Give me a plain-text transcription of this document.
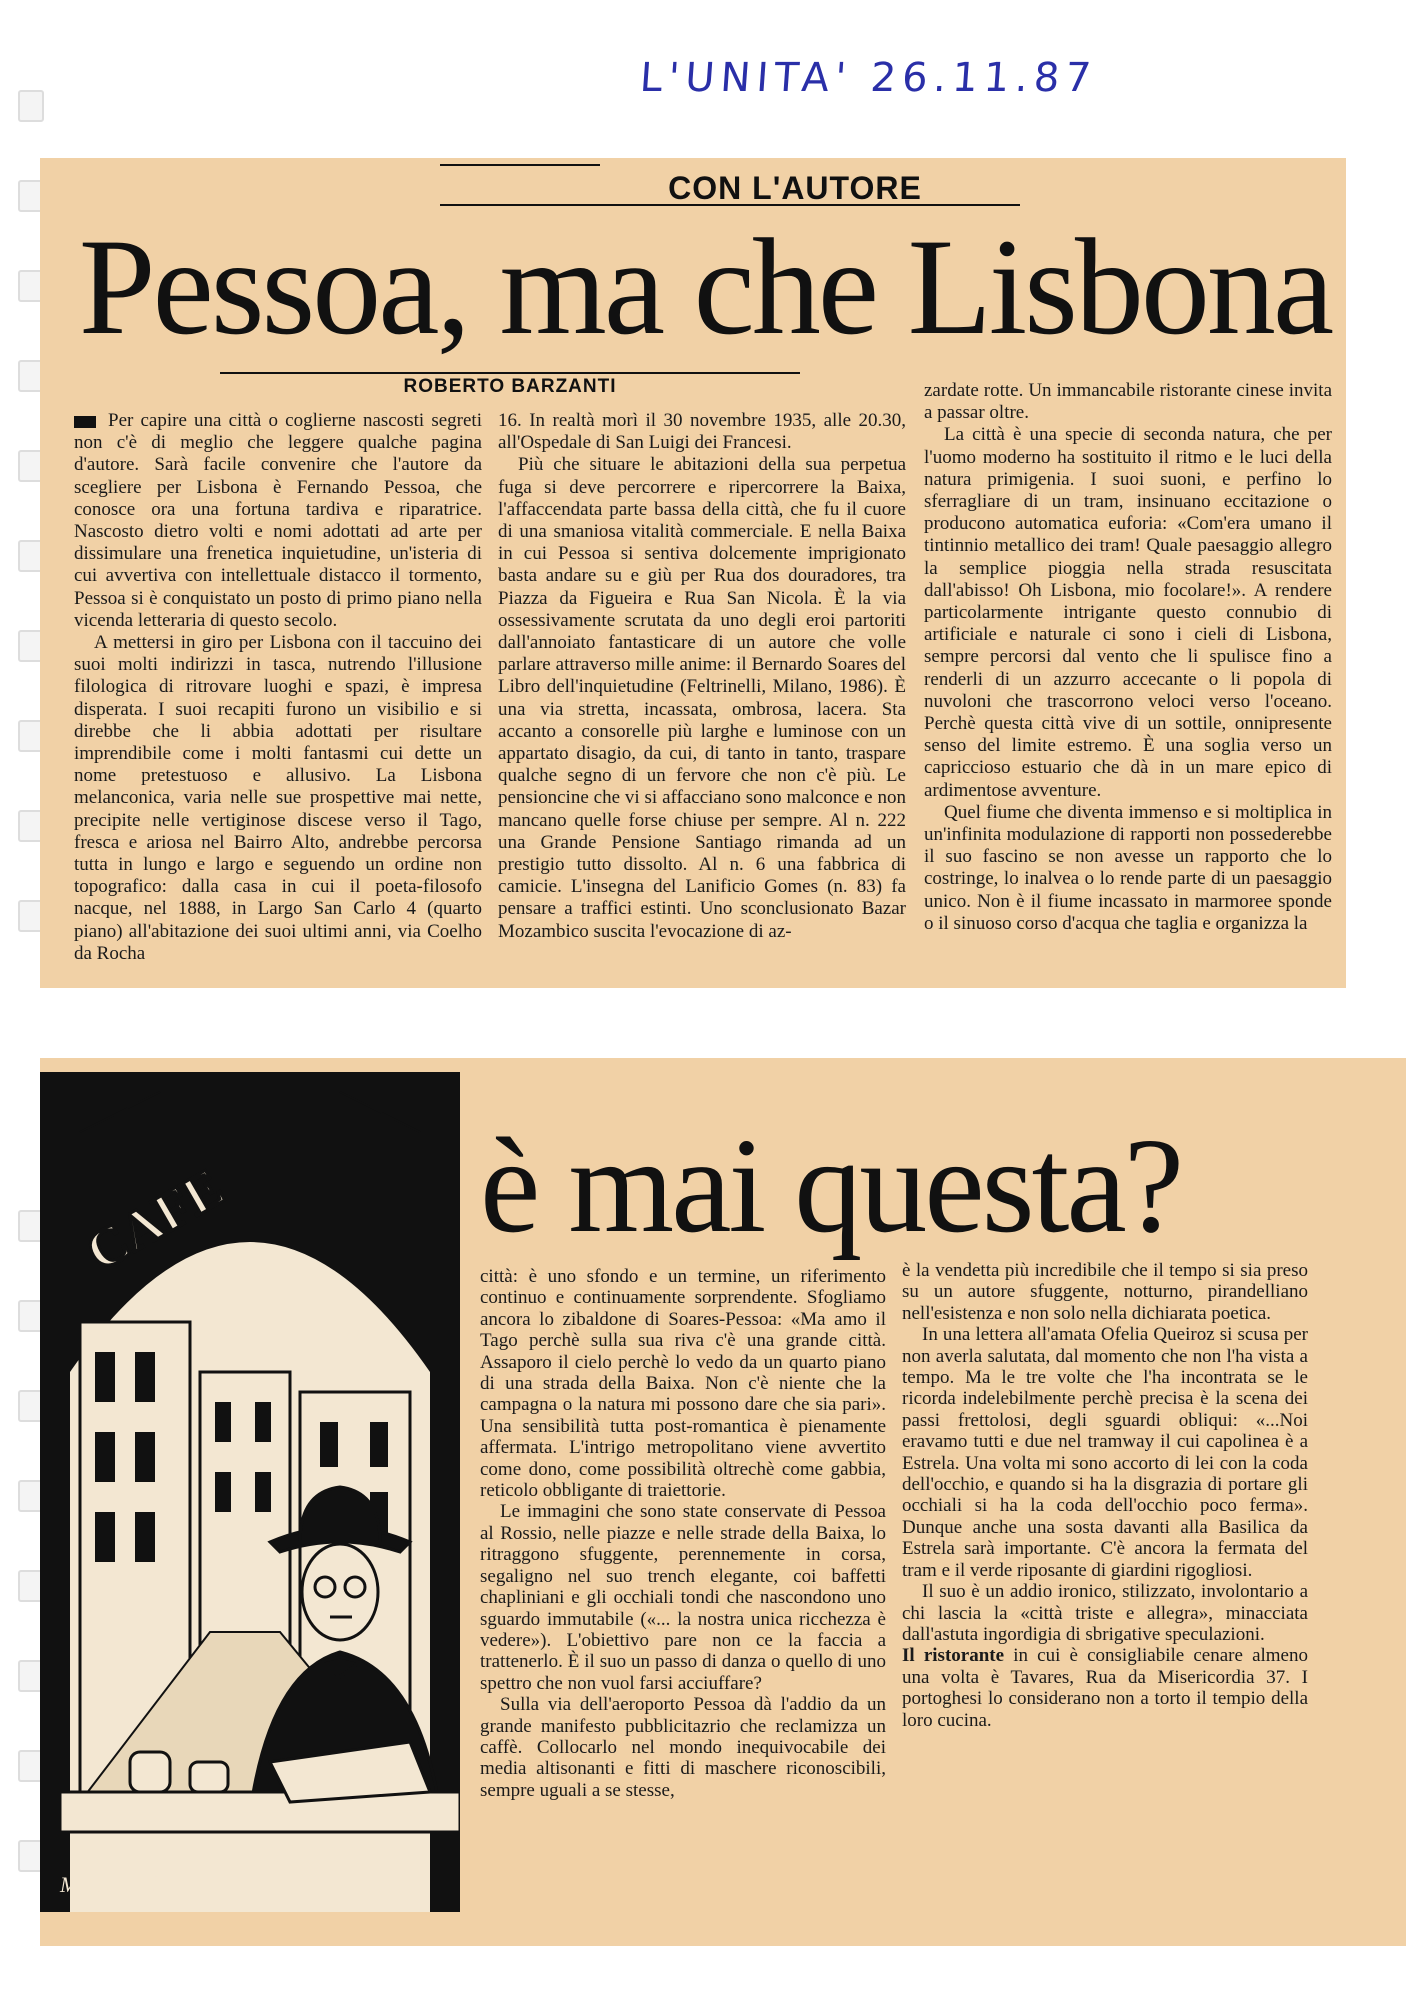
L'UNITA' 26.11.87
CON L'AUTORE
Pessoa, ma che Lisbona
ROBERTO BARZANTI

Per capire una città o coglierne nascosti segreti non c'è di meglio che leggere qualche pagina d'autore. Sarà facile convenire che l'autore da scegliere per Lisbona è Fernando Pessoa, che conosce ora una fortuna tardiva e riparatrice. Nascosto dietro volti e nomi adottati ad arte per dissimulare una frenetica inquietudine, un'isteria di cui avvertiva con intellettuale distacco il tormento, Pessoa si è conquistato un posto di primo piano nella vicenda letteraria di questo secolo.

A mettersi in giro per Lisbona con il taccuino dei suoi molti indirizzi in tasca, nutrendo l'illusione filologica di ritrovare luoghi e spazi, è impresa disperata. I suoi recapiti furono un visibilio e si direbbe che li abbia adottati per risultare imprendibile come i molti fantasmi cui dette un nome pretestuoso e allusivo. La Lisbona melanconica, varia nelle sue prospettive mai nette, precipite nelle vertiginose discese verso il Tago, fresca e ariosa nel Bairro Alto, andrebbe percorsa tutta in lungo e largo e seguendo un ordine non topografico: dalla casa in cui il poeta-filosofo nacque, nel 1888, in Largo San Carlo 4 (quarto piano) all'abitazione dei suoi ultimi anni, via Coelho da Rocha

16. In realtà morì il 30 novembre 1935, alle 20.30, all'Ospedale di San Luigi dei Francesi.

Più che situare le abitazioni della sua perpetua fuga si deve percorrere e ripercorrere la Baixa, l'affaccendata parte bassa della città, che fu il cuore di una smaniosa vitalità commerciale. E nella Baixa in cui Pessoa si sentiva dolcemente imprigionato basta andare su e giù per Rua dos douradores, tra Piazza da Figueira e Rua San Nicola. È la via ossessivamente scrutata da uno degli eroi partoriti dall'annoiato fantasticare di un autore che volle parlare attraverso mille anime: il Bernardo Soares del Libro dell'inquietudine (Feltrinelli, Milano, 1986). È una via stretta, incassata, ombrosa, lacera. Sta accanto a consorelle più larghe e luminose con un appartato disagio, da cui, di tanto in tanto, traspare qualche segno di un fervore che non c'è più. Le pensioncine che vi si affacciano sono malconce e non mancano quelle forse chiuse per sempre. Al n. 222 una Grande Pensione Santiago rimanda ad un prestigio tutto dissolto. Al n. 6 una fabbrica di camicie. L'insegna del Lanificio Gomes (n. 83) fa pensare a traffici estinti. Uno sconclusionato Bazar Mozambico suscita l'evocazione di az-

zardate rotte. Un immancabile ristorante cinese invita a passar oltre.

La città è una specie di seconda natura, che per l'uomo moderno ha sostituito il ritmo e le luci della natura primigenia. I suoi suoni, e perfino lo sferragliare di un tram, insinuano eccitazione o producono automatica euforia: «Com'era umano il tintinnio metallico dei tram! Quale paesaggio allegro la semplice pioggia nella strada resuscitata dall'abisso! Oh Lisbona, mio focolare!». A rendere particolarmente intrigante questo connubio di artificiale e naturale ci sono i cieli di Lisbona, sempre percorsi dal vento che li spulisce fino a renderli di un azzurro accecante o li popola di nuvoloni che trascorrono veloci verso l'oceano. Perchè questa città vive di un sottile, onnipresente senso del limite estremo. È una soglia verso un capriccioso estuario che dà in un mare epico di ardimentose avventure.

Quel fiume che diventa immenso e si moltiplica in un'infinita modulazione di rapporti non possederebbe il suo fascino se non avesse un rapporto che lo costringe, lo inalvea o lo rende parte di un paesaggio unico. Non è il fiume incassato in marmoree sponde o il sinuoso corso d'acqua che taglia e organizza la

CAFE
Montevendi
è mai questa?

città: è uno sfondo e un termine, un riferimento continuo e continuamente sorprendente. Sfogliamo ancora lo zibaldone di Soares-Pessoa: «Ma amo il Tago perchè sulla sua riva c'è una grande città. Assaporo il cielo perchè lo vedo da un quarto piano di una strada della Baixa. Non c'è niente che la campagna o la natura mi possono dare che sia pari». Una sensibilità tutta post-romantica è pienamente affermata. L'intrigo metropolitano viene avvertito come dono, come possibilità oltrechè come gabbia, reticolo obbligante di traiettorie.

Le immagini che sono state conservate di Pessoa al Rossio, nelle piazze e nelle strade della Baixa, lo ritraggono sfuggente, perennemente in corsa, segaligno nel suo trench elegante, coi baffetti chapliniani e gli occhiali tondi che nascondono uno sguardo immutabile («... la nostra unica ricchezza è vedere»). L'obiettivo pare non ce la faccia a trattenerlo. È il suo un passo di danza o quello di uno spettro che non vuol farsi acciuffare?

Sulla via dell'aeroporto Pessoa dà l'addio da un grande manifesto pubblicitazrio che reclamizza un caffè. Collocarlo nel mondo inequivocabile dei media altisonanti e fitti di maschere riconoscibili, sempre uguali a se stesse,

è la vendetta più incredibile che il tempo si sia preso su un autore sfuggente, notturno, pirandelliano nell'esistenza e non solo nella dichiarata poetica.

In una lettera all'amata Ofelia Queiroz si scusa per non averla salutata, dal momento che non l'ha vista a tempo. Ma le tre volte che l'ha incontrata se le ricorda indelebilmente perchè precisa è la scena dei passi frettolosi, degli sguardi obliqui: «...Noi eravamo tutti e due nel tramway il cui capolinea è a Estrela. Una volta mi sono accorto di lei con la coda dell'occhio, e quando si ha la disgrazia di portare gli occhiali si ha la coda dell'occhio poco ferma». Dunque anche una sosta davanti alla Basilica da Estrela sarà importante. C'è ancora la fermata del tram e il verde riposante di giardini rigogliosi.

Il suo è un addio ironico, stilizzato, involontario a chi lascia la «città triste e allegra», minacciata dall'astuta ingordigia di sbrigative speculazioni.

Il ristorante in cui è consigliabile cenare almeno una volta è Tavares, Rua da Misericordia 37. I portoghesi lo considerano non a torto il tempio della loro cucina.
